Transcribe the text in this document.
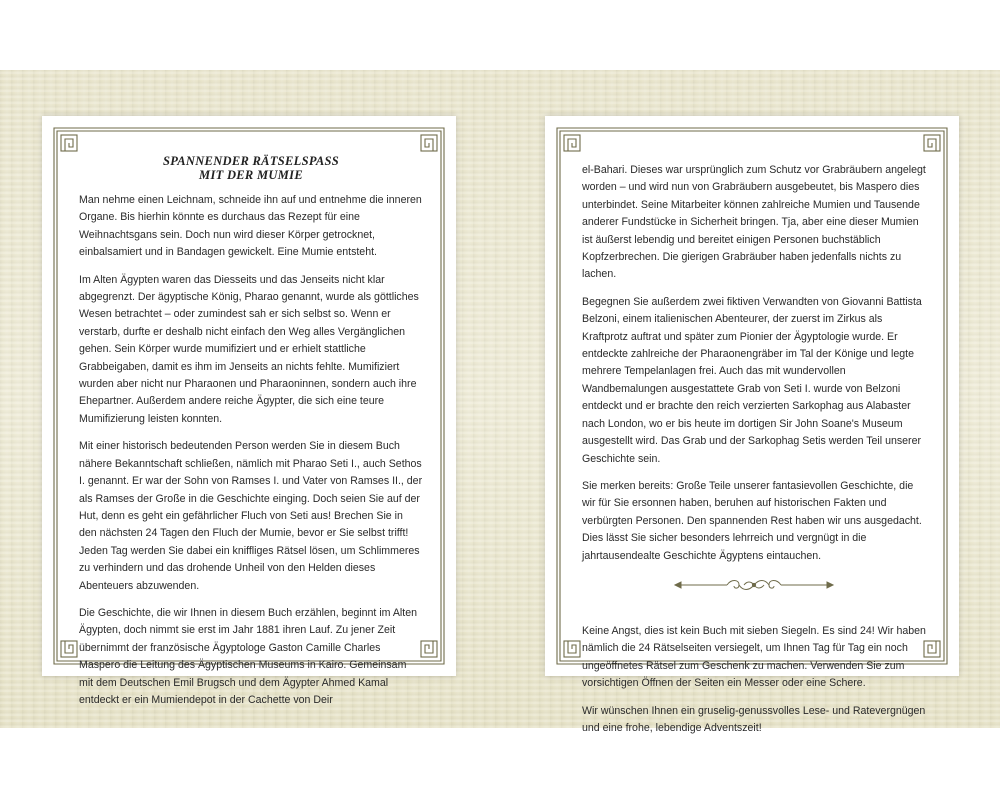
SPANNENDER RÄTSELSPASS
MIT DER MUMIE

Man nehme einen Leichnam, schneide ihn auf und entnehme die inneren Organe. Bis hierhin könnte es durchaus das Rezept für eine Weihnachtsgans sein. Doch nun wird dieser Körper getrocknet, einbalsamiert und in Bandagen gewickelt. Eine Mumie entsteht.

Im Alten Ägypten waren das Diesseits und das Jenseits nicht klar abgegrenzt. Der ägyptische König, Pharao genannt, wurde als göttliches Wesen betrachtet – oder zumindest sah er sich selbst so. Wenn er verstarb, durfte er deshalb nicht einfach den Weg alles Vergänglichen gehen. Sein Körper wurde mumifiziert und er erhielt stattliche Grabbeigaben, damit es ihm im Jenseits an nichts fehlte. Mumifiziert wurden aber nicht nur Pharaonen und Pharaoninnen, sondern auch ihre Ehepartner. Außerdem andere reiche Ägypter, die sich eine teure Mumifizierung leisten konnten.

Mit einer historisch bedeutenden Person werden Sie in diesem Buch nähere Bekanntschaft schließen, nämlich mit Pharao Seti I., auch Sethos I. genannt. Er war der Sohn von Ramses I. und Vater von Ramses II., der als Ramses der Große in die Geschichte einging. Doch seien Sie auf der Hut, denn es geht ein gefährlicher Fluch von Seti aus! Brechen Sie in den nächsten 24 Tagen den Fluch der Mumie, bevor er Sie selbst trifft! Jeden Tag werden Sie dabei ein kniffliges Rätsel lösen, um Schlimmeres zu verhindern und das drohende Unheil von den Helden dieses Abenteuers abzuwenden.

Die Geschichte, die wir Ihnen in diesem Buch erzählen, beginnt im Alten Ägypten, doch nimmt sie erst im Jahr 1881 ihren Lauf. Zu jener Zeit übernimmt der französische Ägyptologe Gaston Camille Charles Maspero die Leitung des Ägyptischen Museums in Kairo. Gemeinsam mit dem Deutschen Emil Brugsch und dem Ägypter Ahmed Kamal entdeckt er ein Mumiendepot in der Cachette von Deir

el-Bahari. Dieses war ursprünglich zum Schutz vor Grabräubern angelegt worden – und wird nun von Grabräubern ausgebeutet, bis Maspero dies unterbindet. Seine Mitarbeiter können zahlreiche Mumien und Tausende anderer Fundstücke in Sicherheit bringen. Tja, aber eine dieser Mumien ist äußerst lebendig und bereitet einigen Personen buchstäblich Kopfzerbrechen. Die gierigen Grabräuber haben jedenfalls nichts zu lachen.

Begegnen Sie außerdem zwei fiktiven Verwandten von Giovanni Battista Belzoni, einem italienischen Abenteurer, der zuerst im Zirkus als Kraftprotz auftrat und später zum Pionier der Ägyptologie wurde. Er entdeckte zahlreiche der Pharaonengräber im Tal der Könige und legte mehrere Tempelanlagen frei. Auch das mit wundervollen Wandbemalungen ausgestattete Grab von Seti I. wurde von Belzoni entdeckt und er brachte den reich verzierten Sarkophag aus Alabaster nach London, wo er bis heute im dortigen Sir John Soane's Museum ausgestellt wird. Das Grab und der Sarkophag Setis werden Teil unserer Geschichte sein.

Sie merken bereits: Große Teile unserer fantasievollen Geschichte, die wir für Sie ersonnen haben, beruhen auf historischen Fakten und verbürgten Personen. Den spannenden Rest haben wir uns ausgedacht. Dies lässt Sie sicher besonders lehrreich und vergnügt in die jahrtausendealte Geschichte Ägyptens eintauchen.

Keine Angst, dies ist kein Buch mit sieben Siegeln. Es sind 24! Wir haben nämlich die 24 Rätselseiten versiegelt, um Ihnen Tag für Tag ein noch ungeöffnetes Rätsel zum Geschenk zu machen. Verwenden Sie zum vorsichtigen Öffnen der Seiten ein Messer oder eine Schere.

Wir wünschen Ihnen ein gruselig-genussvolles Lese- und Ratevergnügen und eine frohe, lebendige Adventszeit!
